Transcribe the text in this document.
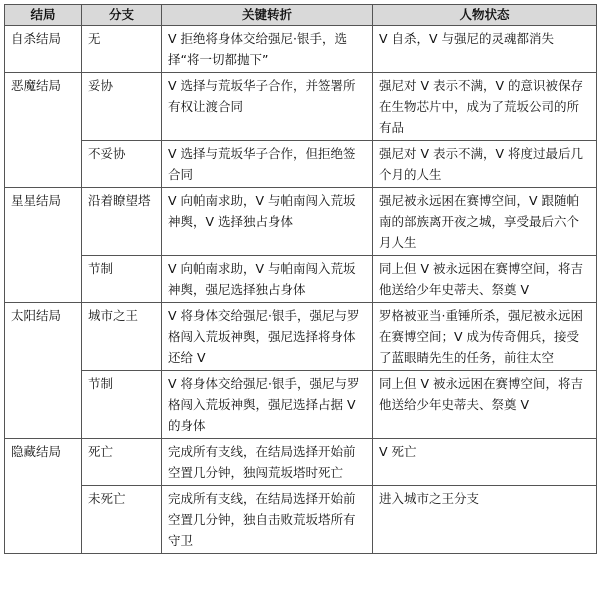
结局	分支	关键转折	人物状态
自杀结局	无	V 拒绝将身体交给强尼·银手，选择“将一切都抛下”	V 自杀，V 与强尼的灵魂都消失
恶魔结局	妥协	V 选择与荒坂华子合作，并签署所有权让渡合同	强尼对 V 表示不满，V 的意识被保存在生物芯片中，成为了荒坂公司的所有品
	不妥协	V 选择与荒坂华子合作，但拒绝签合同	强尼对 V 表示不满，V 将度过最后几个月的人生
星星结局	沿着瞭望塔	V 向帕南求助，V 与帕南闯入荒坂神舆，V 选择独占身体	强尼被永远困在赛博空间，V 跟随帕南的部族离开夜之城，享受最后六个月人生
	节制	V 向帕南求助，V 与帕南闯入荒坂神舆，强尼选择独占身体	同上但 V 被永远困在赛博空间，将吉他送给少年史蒂夫、祭奠 V
太阳结局	城市之王	V 将身体交给强尼·银手，强尼与罗格闯入荒坂神舆，强尼选择将身体还给 V	罗格被亚当·重锤所杀，强尼被永远困在赛博空间；V 成为传奇佣兵，接受了蓝眼睛先生的任务，前往太空
	节制	V 将身体交给强尼·银手，强尼与罗格闯入荒坂神舆，强尼选择占据 V 的身体	同上但 V 被永远困在赛博空间，将吉他送给少年史蒂夫、祭奠 V
隐藏结局	死亡	完成所有支线，在结局选择开始前空置几分钟，独闯荒坂塔时死亡	V 死亡
	未死亡	完成所有支线，在结局选择开始前空置几分钟，独自击败荒坂塔所有守卫	进入城市之王分支
